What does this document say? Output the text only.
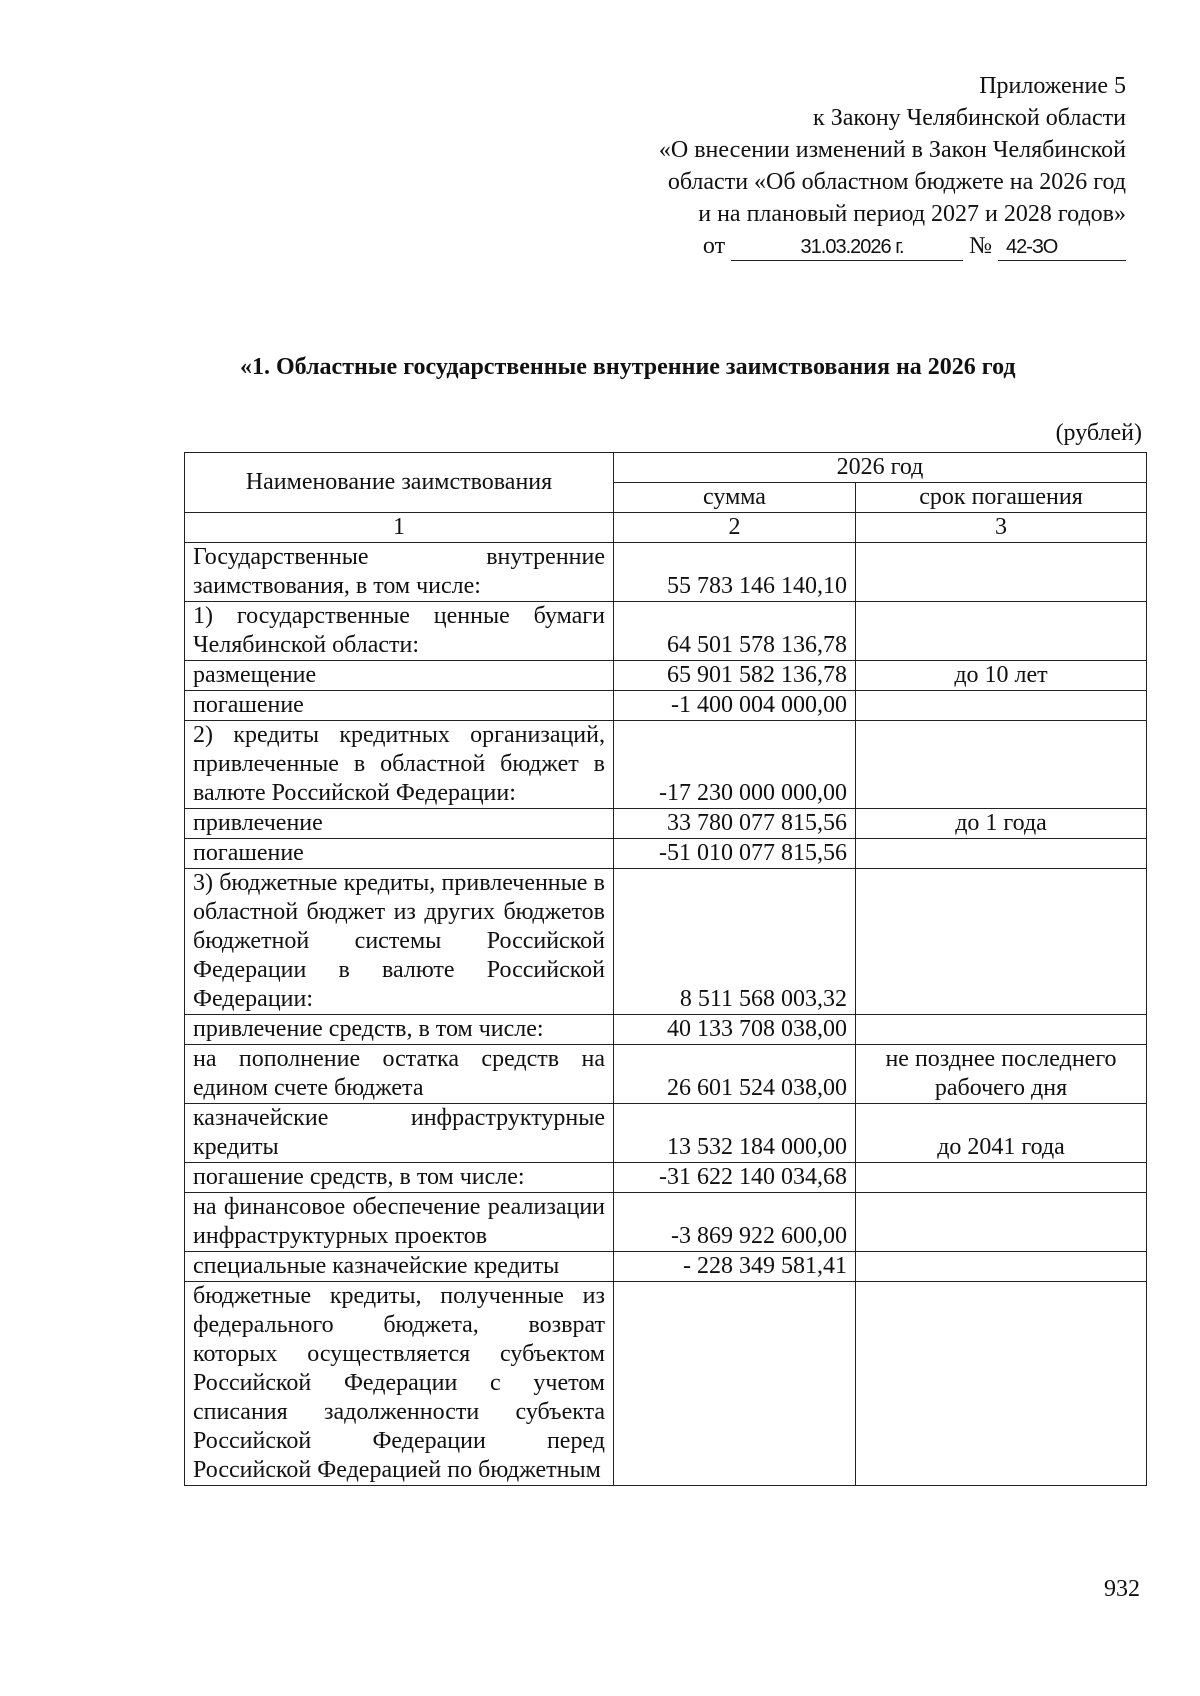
Приложение 5
к Закону Челябинской области
«О внесении изменений в Закон Челябинской
области «Об областном бюджете на 2026 год
и на плановый период 2027 и 2028 годов»
от	31.03.2026 г.	№ 42-ЗО
«1. Областные государственные внутренние заимствования на 2026 год
(рублей)
Наименование заимствования	2026 год	
	сумма	срок погашения
1	2	3
Государственные внутренние заимствования, в том числе:	55 783 146 140,10	
1) государственные ценные бумаги Челябинской области:	64 501 578 136,78	
размещение	65 901 582 136,78	до 10 лет
погашение	-1 400 004 000,00	
2) кредиты кредитных организаций, привлеченные в областной бюджет в валюте Российской Федерации:	-17 230 000 000,00	
привлечение	33 780 077 815,56	до 1 года
погашение	-51 010 077 815,56	
3) бюджетные кредиты, привлеченные в областной бюджет из других бюджетов бюджетной системы Российской Федерации в валюте Российской Федерации:	8 511 568 003,32	
привлечение средств, в том числе:	40 133 708 038,00	
на пополнение остатка средств на едином счете бюджета	26 601 524 038,00	не позднее последнего рабочего дня
казначейские инфраструктурные кредиты	13 532 184 000,00	до 2041 года
погашение средств, в том числе:	-31 622 140 034,68	
на финансовое обеспечение реализации инфраструктурных проектов	-3 869 922 600,00	
специальные казначейские кредиты	- 228 349 581,41	
бюджетные кредиты, полученные из федерального бюджета, возврат которых осуществляется субъектом Российской Федерации с учетом списания задолженности субъекта Российской Федерации перед Российской Федерацией по бюджетным		
932
